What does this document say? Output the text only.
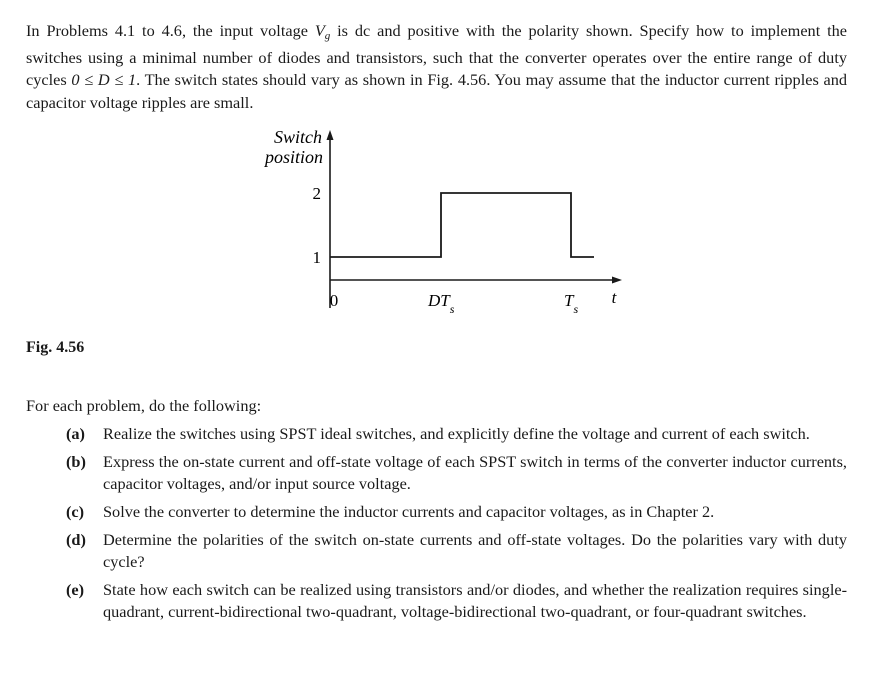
In Problems 4.1 to 4.6, the input voltage $V_g$ is dc and positive with the polarity shown. Specify how to implement the switches using a minimal number of diodes and transistors, such that the converter operates over the entire range of duty cycles 0 ≤ D ≤ 1. The switch states should vary as shown in Fig. 4.56. You may assume that the inductor current ripples and capacitor voltage ripples are small.

Switch
position
2
1
0	$DT_s$	$T_s$
t
Fig. 4.56

For each problem, do the following:

(a) Realize the switches using SPST ideal switches, and explicitly define the voltage and current of each switch.
(b) Express the on-state current and off-state voltage of each SPST switch in terms of the converter inductor currents, capacitor voltages, and/or input source voltage.
(c) Solve the converter to determine the inductor currents and capacitor voltages, as in Chapter 2.
(d) Determine the polarities of the switch on-state currents and off-state voltages. Do the polarities vary with duty cycle?
(e) State how each switch can be realized using transistors and/or diodes, and whether the realization requires single-quadrant, current-bidirectional two-quadrant, voltage-bidirectional two-quadrant, or four-quadrant switches.
